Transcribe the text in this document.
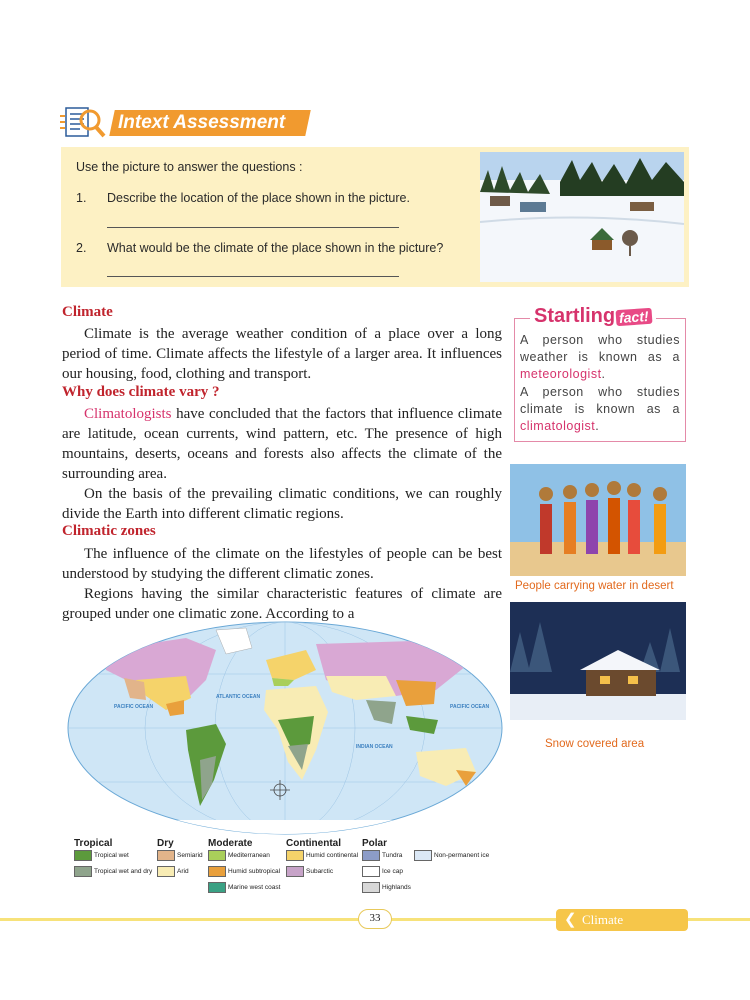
Intext Assessment
Use the picture to answer the questions :
1. Describe the location of the place shown in the picture.
2. What would be the climate of the place shown in the picture?
Climate
Climate is the average weather condition of a place over a long period of time. Climate affects the lifestyle of a larger area. It influences our housing, food, clothing and transport.
Why does climate vary ?
Climatologists have concluded that the factors that influence climate are latitude, ocean currents, wind pattern, etc. The presence of high mountains, deserts, oceans and forests also affects the climate of the surrounding area.
On the basis of the prevailing climatic conditions, we can roughly divide the Earth into different climatic regions.
Climatic zones
The influence of the climate on the lifestyles of people can be best understood by studying the different climatic zones.
Regions having the similar characteristic features of climate are grouped under one climatic zone. According to a
Startling fact!
A person who studies weather is known as a meteorologist.
A person who studies climate is known as a climatologist.
People carrying water in desert
Snow covered area
PACIFIC OCEAN
ATLANTIC OCEAN
PACIFIC OCEAN
INDIAN OCEAN
Tropical
Tropical wet
Tropical wet and dry
Dry
Semiarid
Arid
Moderate
Mediterranean
Humid subtropical
Marine west coast
Continental
Humid continental
Subarctic
Polar
Tundra
Ice cap
Highlands
Non-permanent ice
33	❮ Climate
